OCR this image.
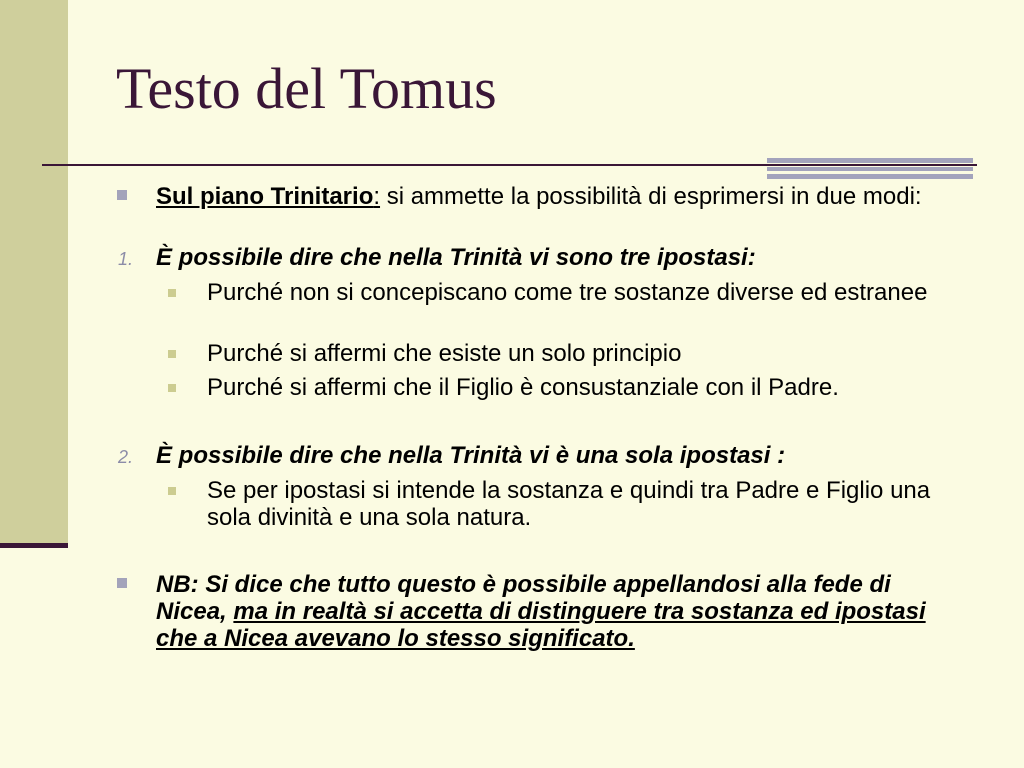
Testo del Tomus
Sul piano Trinitario: si ammette la possibilità di esprimersi in due modi:
1. È possibile dire che nella Trinità vi sono tre ipostasi:
Purché non si concepiscano come tre sostanze diverse ed estranee
Purché si affermi che esiste un solo principio
Purché si affermi che il Figlio è consustanziale con il Padre.
2. È possibile dire che nella Trinità vi è una sola ipostasi :
Se per ipostasi si intende la sostanza e quindi tra Padre e Figlio una sola divinità e una sola natura.
NB: Si dice che tutto questo è possibile appellandosi alla fede di Nicea, ma in realtà si accetta di distinguere tra sostanza ed ipostasi che a Nicea avevano lo stesso significato.
